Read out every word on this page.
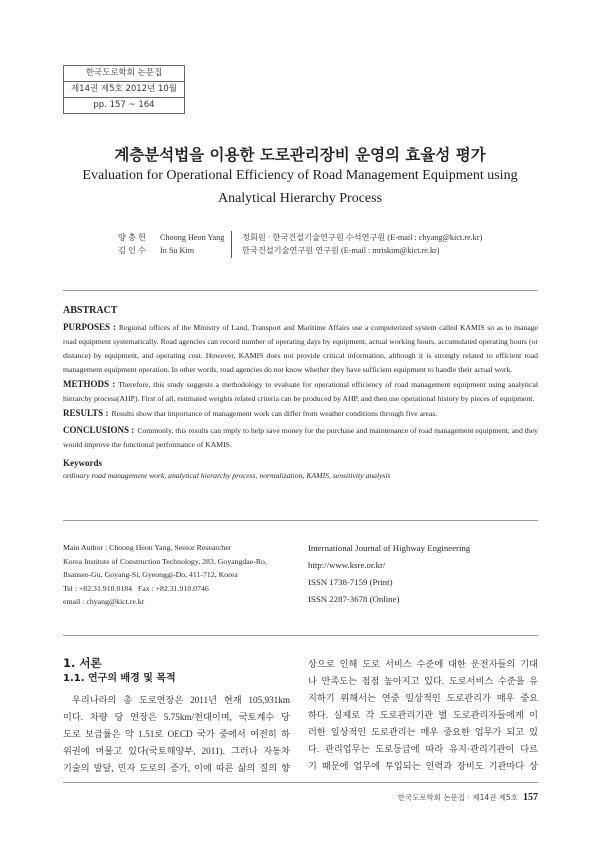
한국도로학회 논문집
제14권 제5호 2012년 10월
pp. 157 ~ 164
계층분석법을 이용한 도로관리장비 운영의 효율성 평가
Evaluation for Operational Efficiency of Road Management Equipment using
Analytical Hierarchy Process
양 충 헌 Choong Heon Yang 정회원 · 한국건설기술연구원 수석연구원 (E-mail : chyang@kict.re.kr)
김 인 수 In Su Kim	한국건설기술연구원 연구원 (E-mail : mriskim@kict.re.kr)
ABSTRACT

PURPOSES : Regional offices of the Ministry of Land, Transport and Maritime Affairs use a computerized system called KAMIS so as to manage road equipment systematically. Road agencies can record number of operating days by equipment, actual working hours, accumulated operating hours (or distance) by equipment, and operating cost. However, KAMIS does not provide critical information, although it is strongly related to efficient road management equipment operation. In other words, road agencies do not know whether they have sufficient equipment to handle their actual work.

METHODS : Therefore, this study suggests a methodology to evaluate for operational efficiency of road management equipment using analytical hierarchy process(AHP). First of all, estimated weights related criteria can be produced by AHP, and then use operational history by pieces of equipment.

RESULTS : Results show that importance of management work can differ from weather conditions through five areas.

CONCLUSIONS : Commonly, this results can imply to help save money for the purchase and maintenance of road management equipment, and they would improve the functional performance of KAMIS.

Keywords
ordinary road management work, analytical hierarchy process, normalization, KAMIS, sensitivity analysis
Main Author : Choong Heon Yang, Senior Researcher
Korea Institute of Construction Technology, 283, Goyangdae-Ro,
Ilsanseo-Gu, Goyang-Si, Gyeonggi-Do, 411-712, Korea
Tel : +82.31.910.0184   Fax : +82.31.910.0746
email : chyang@kict.re.kr
International Journal of Highway Engineering
http://www.ksre.or.kr/
ISSN 1738-7159 (Print)
ISSN 2287-3678 (Online)
1. 서론
1.1. 연구의 배경 및 목적
우리나라의 총 도로연장은 2011년 현재 105,931km
이다. 차량 당 연장은 5.75km/천대이며, 국토계수 당
도로 보급률은 약 1.51로 OECD 국가 중에서 여전히 하
위권에 머물고 있다(국토해양부, 2011). 그러나 자동차
기술의 발달, 민자 도로의 증가, 이에 따른 삶의 질의 향
상으로 인해 도로 서비스 수준에 대한 운전자들의 기대
나 만족도는 점점 높아지고 있다. 도로서비스 수준을 유
지하기 위해서는 연중 일상적인 도로관리가 매우 중요
하다. 실제로 각 도로관리기관 별 도로관리자들에게 이
러한 일상적인 도로관리는 매우 중요한 업무가 되고 있
다. 관리업무는 도로등급에 따라 유지·관리기관이 다르
기 때문에 업무에 투입되는 인력과 장비도 기관마다 상
한국도로학회 논문집 · 제14권 제5호 157
